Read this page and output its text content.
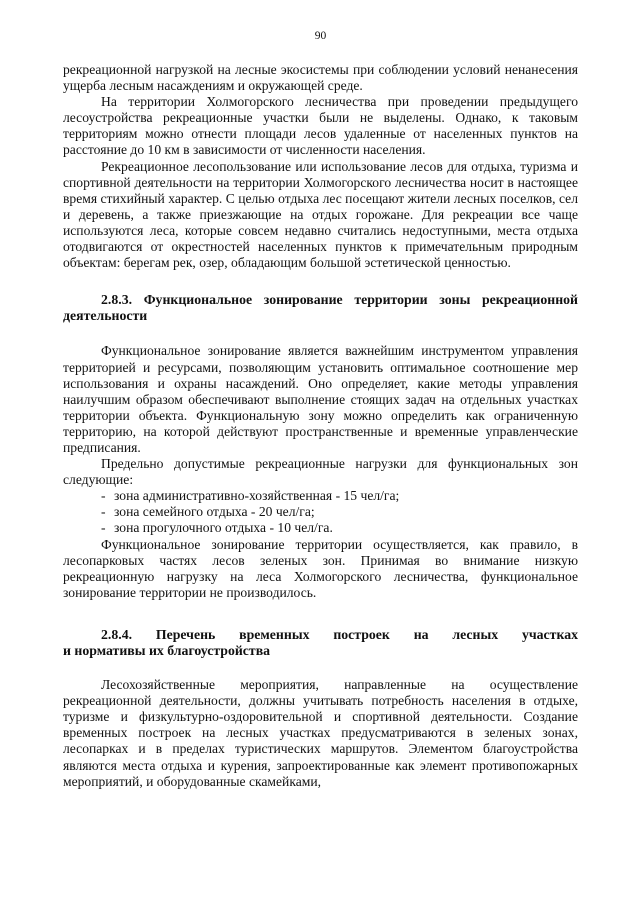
90

рекреационной нагрузкой на лесные экосистемы при соблюдении условий ненанесения ущерба лесным насаждениям и окружающей среде.

На территории Холмогорского лесничества при проведении предыдущего лесоустройства рекреационные участки были не выделены. Однако, к таковым территориям можно отнести площади лесов удаленные от населенных пунктов на расстояние до 10 км в зависимости от численности населения.

Рекреационное лесопользование или использование лесов для отдыха, туризма и спортивной деятельности на территории Холмогорского лесничества носит в настоящее время стихийный характер. С целью отдыха лес посещают жители лесных поселков, сел и деревень, а также приезжающие на отдых горожане. Для рекреации все чаще используются леса, которые совсем недавно считались недоступными, места отдыха отодвигаются от окрестностей населенных пунктов к примечательным природным объектам: берегам рек, озер, обладающим большой эстетической ценностью.

2.8.3. Функциональное зонирование территории зоны рекреационной деятельности

Функциональное зонирование является важнейшим инструментом управления территорией и ресурсами, позволяющим установить оптимальное соотношение мер использования и охраны насаждений. Оно определяет, какие методы управления наилучшим образом обеспечивают выполнение стоящих задач на отдельных участках территории объекта. Функциональную зону можно определить как ограниченную территорию, на которой действуют пространственные и временные управленческие предписания.

Предельно допустимые рекреационные нагрузки для функциональных зон следующие:

- зона административно-хозяйственная - 15 чел/га;
- зона семейного отдыха - 20 чел/га;
- зона прогулочного отдыха - 10 чел/га.

Функциональное зонирование территории осуществляется, как правило, в лесопарковых частях лесов зеленых зон. Принимая во внимание низкую рекреационную нагрузку на леса Холмогорского лесничества, функциональное зонирование территории не производилось.

2.8.4. Перечень временных построек на лесных участках
и нормативы их благоустройства

Лесохозяйственные мероприятия, направленные на осуществление рекреационной деятельности, должны учитывать потребность населения в отдыхе, туризме и физкультурно-оздоровительной и спортивной деятельности. Создание временных построек на лесных участках предусматриваются в зеленых зонах, лесопарках и в пределах туристических маршрутов. Элементом благоустройства являются места отдыха и курения, запроектированные как элемент противопожарных мероприятий, и оборудованные скамейками,
